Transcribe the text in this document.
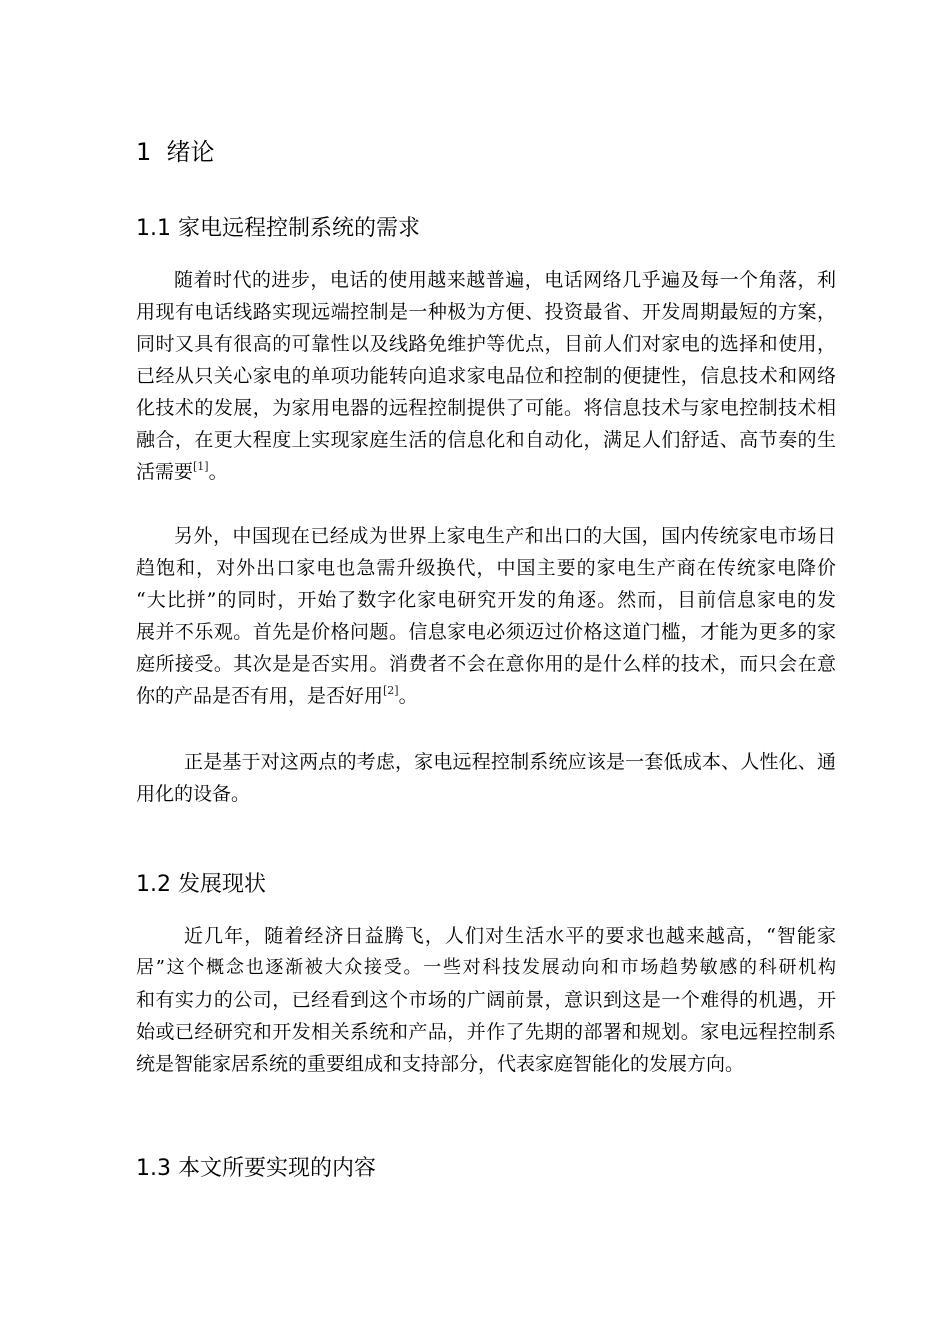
1 绪论
1.1 家电远程控制系统的需求
随着时代的进步，电话的使用越来越普遍，电话网络几乎遍及每一个角落，利
用现有电话线路实现远端控制是一种极为方便、投资最省、开发周期最短的方案，
同时又具有很高的可靠性以及线路免维护等优点，目前人们对家电的选择和使用，
已经从只关心家电的单项功能转向追求家电品位和控制的便捷性，信息技术和网络
化技术的发展，为家用电器的远程控制提供了可能。将信息技术与家电控制技术相
融合，在更大程度上实现家庭生活的信息化和自动化，满足人们舒适、高节奏的生
活需要[1]。
另外，中国现在已经成为世界上家电生产和出口的大国，国内传统家电市场日
趋饱和，对外出口家电也急需升级换代，中国主要的家电生产商在传统家电降价
“大比拼”的同时，开始了数字化家电研究开发的角逐。然而，目前信息家电的发
展并不乐观。首先是价格问题。信息家电必须迈过价格这道门槛，才能为更多的家
庭所接受。其次是是否实用。消费者不会在意你用的是什么样的技术，而只会在意
你的产品是否有用，是否好用[2]。
正是基于对这两点的考虑，家电远程控制系统应该是一套低成本、人性化、通
用化的设备。
1.2 发展现状
近几年，随着经济日益腾飞，人们对生活水平的要求也越来越高，“智能家
居”这个概念也逐渐被大众接受。一些对科技发展动向和市场趋势敏感的科研机构
和有实力的公司，已经看到这个市场的广阔前景，意识到这是一个难得的机遇，开
始或已经研究和开发相关系统和产品，并作了先期的部署和规划。家电远程控制系
统是智能家居系统的重要组成和支持部分，代表家庭智能化的发展方向。
1.3 本文所要实现的内容
